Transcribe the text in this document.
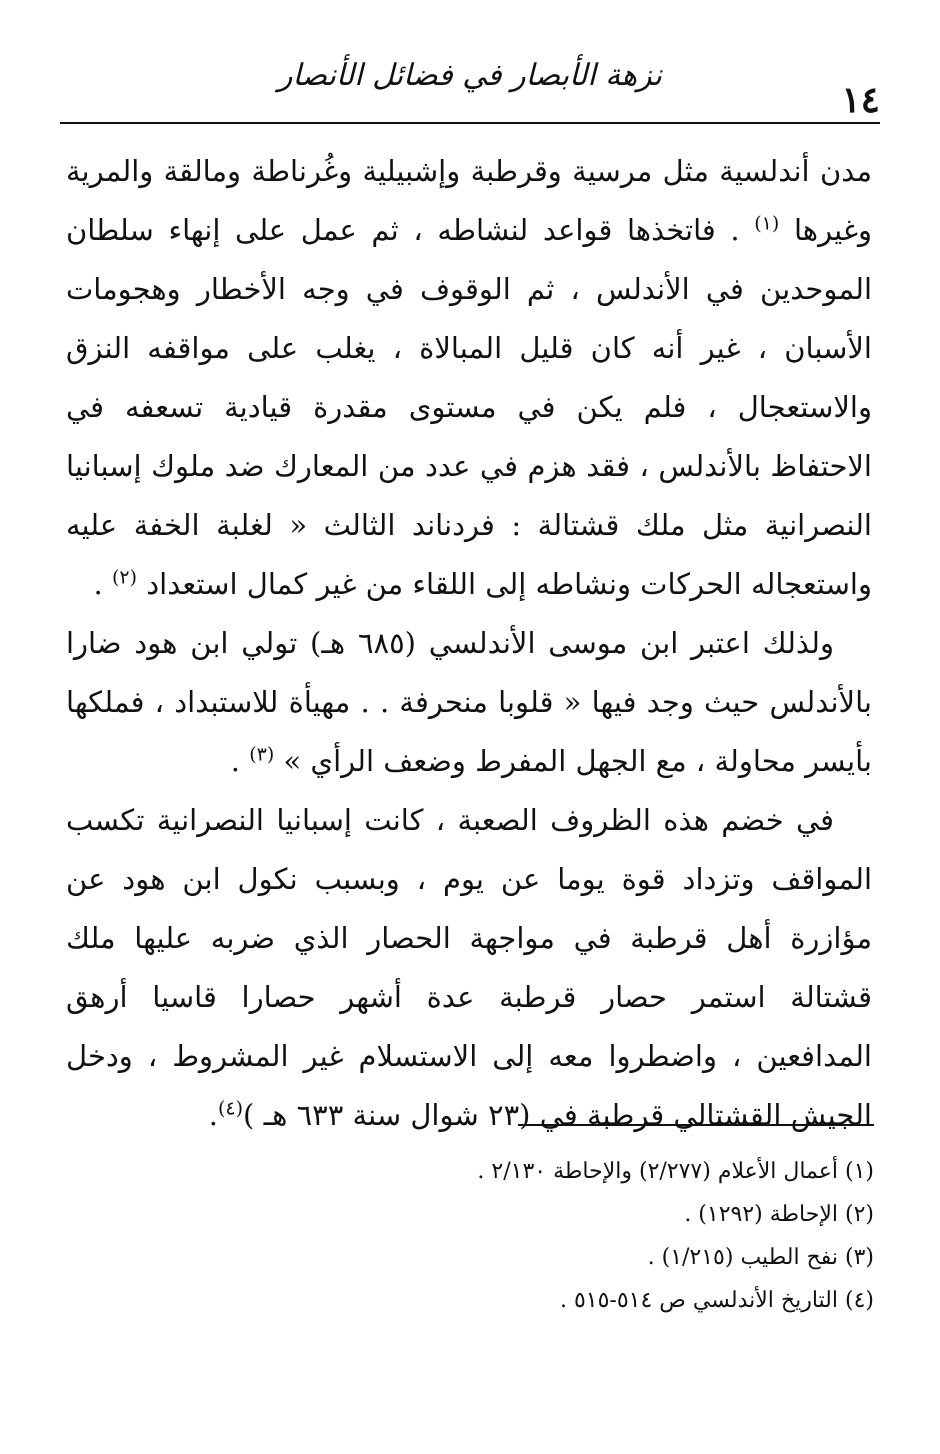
١٤
نزهة الأبصار في فضائل الأنصار

مدن أندلسية مثل مرسية وقرطبة وإشبيلية وغُرناطة ومالقة والمرية وغيرها $^{(١)}$ . فاتخذها قواعد لنشاطه ، ثم عمل على إنهاء سلطان الموحدين في الأندلس ، ثم الوقوف في وجه الأخطار وهجومات الأسبان ، غير أنه كان قليل المبالاة ، يغلب على مواقفه النزق والاستعجال ، فلم يكن في مستوى مقدرة قيادية تسعفه في الاحتفاظ بالأندلس ، فقد هزم في عدد من المعارك ضد ملوك إسبانيا النصرانية مثل ملك قشتالة : فردناند الثالث « لغلبة الخفة عليه واستعجاله الحركات ونشاطه إلى اللقاء من غير كمال استعداد $^{(٢)}$ .

ولذلك اعتبر ابن موسى الأندلسي (٦٨٥ هـ) تولي ابن هود ضارا بالأندلس حيث وجد فيها « قلوبا منحرفة . . مهيأة للاستبداد ، فملكها بأيسر محاولة ، مع الجهل المفرط وضعف الرأي » $^{(٣)}$ .

في خضم هذه الظروف الصعبة ، كانت إسبانيا النصرانية تكسب المواقف وتزداد قوة يوما عن يوم ، وبسبب نكول ابن هود عن مؤازرة أهل قرطبة في مواجهة الحصار الذي ضربه عليها ملك قشتالة استمر حصار قرطبة عدة أشهر حصارا قاسيا أرهق المدافعين ، واضطروا معه إلى الاستسلام غير المشروط ، ودخل الجيش القشتالي قرطبة في (٢٣ شوال سنة ٦٣٣ هـ )$^{(٤)}$.

(١) أعمال الأعلام (٢/٢٧٧) والإحاطة ٢/١٣٠ .
(٢) الإحاطة (١٢٩٢) .
(٣) نفح الطيب (١/٢١٥) .
(٤) التاريخ الأندلسي ص ٥١٤-٥١٥ .
